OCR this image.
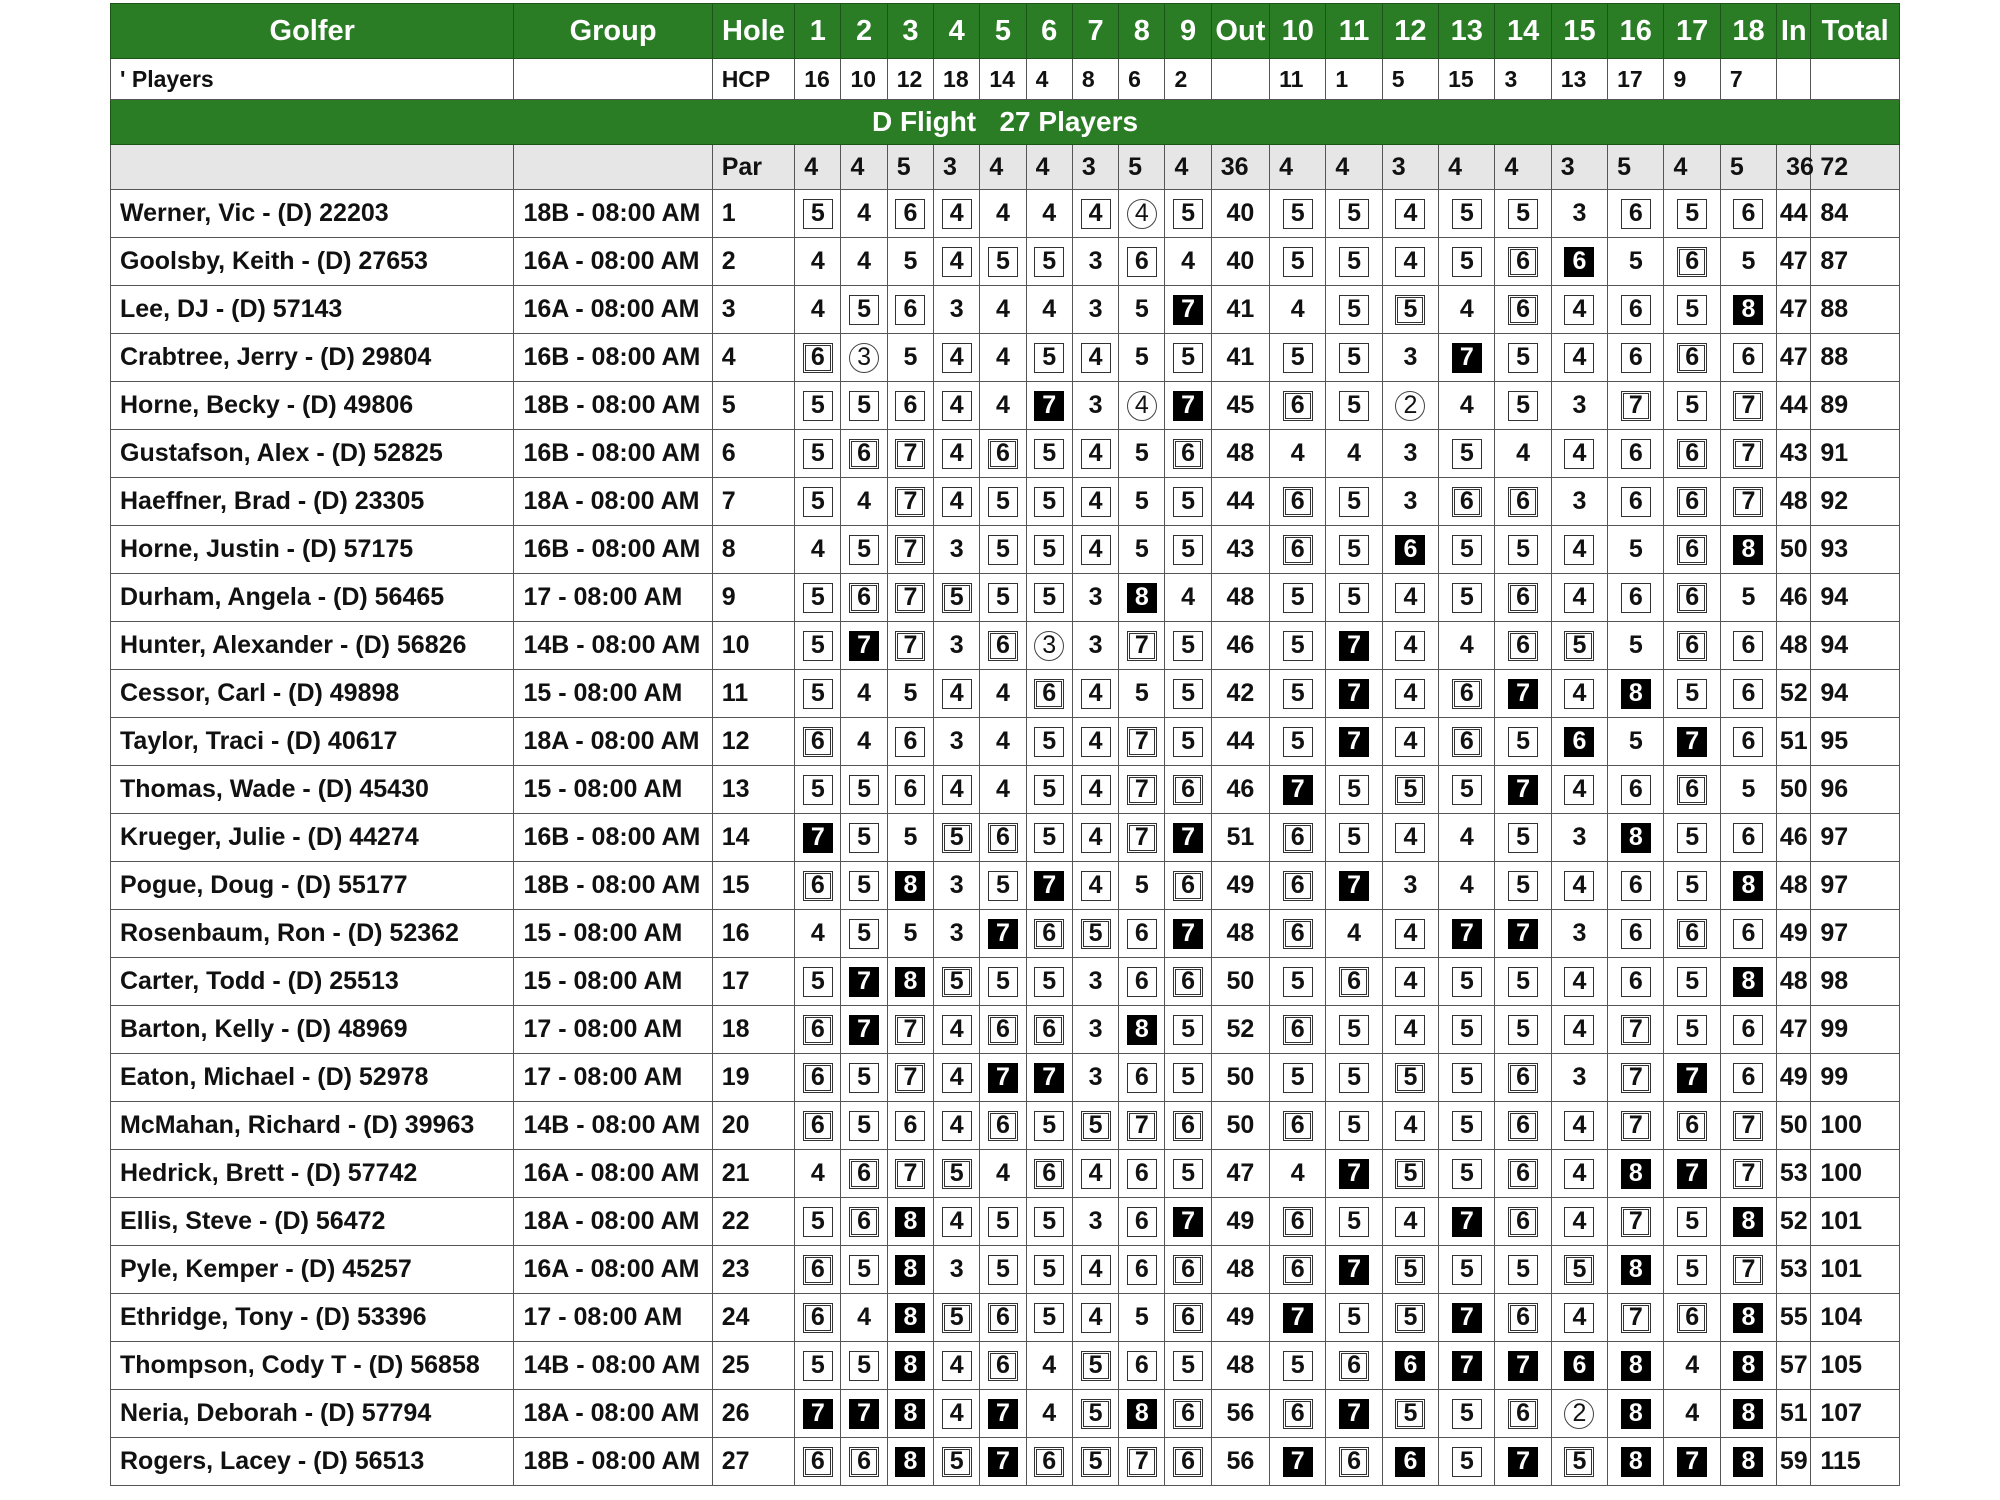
Golfer	Group	Hole	1	2	3	4	5	6	7	8	9	Out	10	11	12	13	14	15	16	17	18	In	Total
' Players		HCP	16	10	12	18	14	4	8	6	2		11	1	5	15	3	13	17	9	7		
D Flight   27 Players																							
		Par	4	4	5	3	4	4	3	5	4	36	4	4	3	4	4	3	5	4	5	36	72
Werner, Vic - (D) 22203	18B - 08:00 AM	1	5	4	6	4	4	4	4	4	5	40	5	5	4	5	5	3	6	5	6	44	84
Goolsby, Keith - (D) 27653	16A - 08:00 AM	2	4	4	5	4	5	5	3	6	4	40	5	5	4	5	6	6	5	6	5	47	87
Lee, DJ - (D) 57143	16A - 08:00 AM	3	4	5	6	3	4	4	3	5	7	41	4	5	5	4	6	4	6	5	8	47	88
Crabtree, Jerry - (D) 29804	16B - 08:00 AM	4	6	3	5	4	4	5	4	5	5	41	5	5	3	7	5	4	6	6	6	47	88
Horne, Becky - (D) 49806	18B - 08:00 AM	5	5	5	6	4	4	7	3	4	7	45	6	5	2	4	5	3	7	5	7	44	89
Gustafson, Alex - (D) 52825	16B - 08:00 AM	6	5	6	7	4	6	5	4	5	6	48	4	4	3	5	4	4	6	6	7	43	91
Haeffner, Brad - (D) 23305	18A - 08:00 AM	7	5	4	7	4	5	5	4	5	5	44	6	5	3	6	6	3	6	6	7	48	92
Horne, Justin - (D) 57175	16B - 08:00 AM	8	4	5	7	3	5	5	4	5	5	43	6	5	6	5	5	4	5	6	8	50	93
Durham, Angela - (D) 56465	17 - 08:00 AM	9	5	6	7	5	5	5	3	8	4	48	5	5	4	5	6	4	6	6	5	46	94
Hunter, Alexander - (D) 56826	14B - 08:00 AM	10	5	7	7	3	6	3	3	7	5	46	5	7	4	4	6	5	5	6	6	48	94
Cessor, Carl - (D) 49898	15 - 08:00 AM	11	5	4	5	4	4	6	4	5	5	42	5	7	4	6	7	4	8	5	6	52	94
Taylor, Traci - (D) 40617	18A - 08:00 AM	12	6	4	6	3	4	5	4	7	5	44	5	7	4	6	5	6	5	7	6	51	95
Thomas, Wade - (D) 45430	15 - 08:00 AM	13	5	5	6	4	4	5	4	7	6	46	7	5	5	5	7	4	6	6	5	50	96
Krueger, Julie - (D) 44274	16B - 08:00 AM	14	7	5	5	5	6	5	4	7	7	51	6	5	4	4	5	3	8	5	6	46	97
Pogue, Doug - (D) 55177	18B - 08:00 AM	15	6	5	8	3	5	7	4	5	6	49	6	7	3	4	5	4	6	5	8	48	97
Rosenbaum, Ron - (D) 52362	15 - 08:00 AM	16	4	5	5	3	7	6	5	6	7	48	6	4	4	7	7	3	6	6	6	49	97
Carter, Todd - (D) 25513	15 - 08:00 AM	17	5	7	8	5	5	5	3	6	6	50	5	6	4	5	5	4	6	5	8	48	98
Barton, Kelly - (D) 48969	17 - 08:00 AM	18	6	7	7	4	6	6	3	8	5	52	6	5	4	5	5	4	7	5	6	47	99
Eaton, Michael - (D) 52978	17 - 08:00 AM	19	6	5	7	4	7	7	3	6	5	50	5	5	5	5	6	3	7	7	6	49	99
McMahan, Richard - (D) 39963	14B - 08:00 AM	20	6	5	6	4	6	5	5	7	6	50	6	5	4	5	6	4	7	6	7	50	100
Hedrick, Brett - (D) 57742	16A - 08:00 AM	21	4	6	7	5	4	6	4	6	5	47	4	7	5	5	6	4	8	7	7	53	100
Ellis, Steve - (D) 56472	18A - 08:00 AM	22	5	6	8	4	5	5	3	6	7	49	6	5	4	7	6	4	7	5	8	52	101
Pyle, Kemper - (D) 45257	16A - 08:00 AM	23	6	5	8	3	5	5	4	6	6	48	6	7	5	5	5	5	8	5	7	53	101
Ethridge, Tony - (D) 53396	17 - 08:00 AM	24	6	4	8	5	6	5	4	5	6	49	7	5	5	7	6	4	7	6	8	55	104
Thompson, Cody T - (D) 56858	14B - 08:00 AM	25	5	5	8	4	6	4	5	6	5	48	5	6	6	7	7	6	8	4	8	57	105
Neria, Deborah - (D) 57794	18A - 08:00 AM	26	7	7	8	4	7	4	5	8	6	56	6	7	5	5	6	2	8	4	8	51	107
Rogers, Lacey - (D) 56513	18B - 08:00 AM	27	6	6	8	5	7	6	5	7	6	56	7	6	6	5	7	5	8	7	8	59	115
